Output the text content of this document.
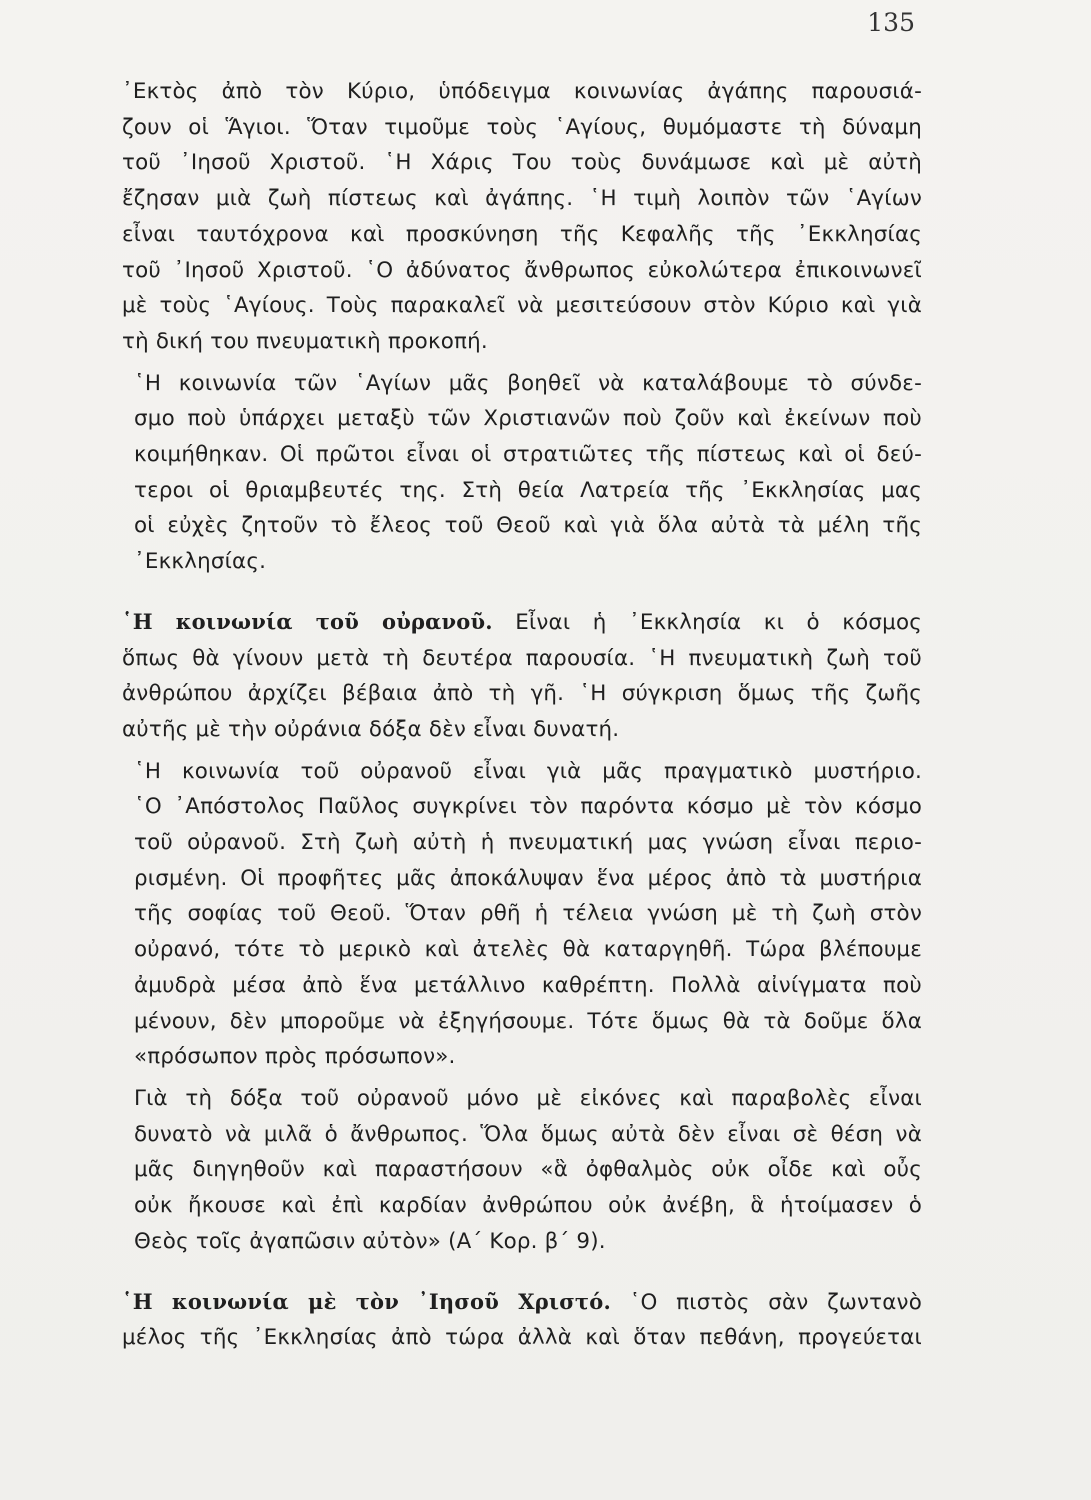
135
᾿Εκτὸς ἀπὸ τὸν Κύριο, ὑπόδειγμα κοινωνίας ἀγάπης παρουσιά-
ζουν οἱ Ἅγιοι. Ὅταν τιμοῦμε τοὺς ῾Αγίους, θυμόμαστε τὴ δύναμη
τοῦ ᾿Ιησοῦ Χριστοῦ. ῾Η Χάρις Του τοὺς δυνάμωσε καὶ μὲ αὐτὴ
ἔζησαν μιὰ ζωὴ πίστεως καὶ ἀγάπης. ῾Η τιμὴ λοιπὸν τῶν ῾Αγίων
εἶναι ταυτόχρονα καὶ προσκύνηση τῆς Κεφαλῆς τῆς ᾿Εκκλησίας
τοῦ ᾿Ιησοῦ Χριστοῦ. ῾Ο ἀδύνατος ἄνθρωπος εὐκολώτερα ἐπικοινωνεῖ
μὲ τοὺς ῾Αγίους. Τοὺς παρακαλεῖ νὰ μεσιτεύσουν στὸν Κύριο καὶ γιὰ
τὴ δική του πνευματικὴ προκοπή.
῾Η κοινωνία τῶν ῾Αγίων μᾶς βοηθεῖ νὰ καταλάβουμε τὸ σύνδε-
σμο ποὺ ὑπάρχει μεταξὺ τῶν Χριστιανῶν ποὺ ζοῦν καὶ ἐκείνων ποὺ
κοιμήθηκαν. Οἱ πρῶτοι εἶναι οἱ στρατιῶτες τῆς πίστεως καὶ οἱ δεύ-
τεροι οἱ θριαμβευτές της. Στὴ θεία Λατρεία τῆς ᾿Εκκλησίας μας
οἱ εὐχὲς ζητοῦν τὸ ἔλεος τοῦ Θεοῦ καὶ γιὰ ὅλα αὐτὰ τὰ μέλη τῆς
᾿Εκκλησίας.
῾Η κοινωνία τοῦ οὐρανοῦ. Εἶναι ἡ ᾿Εκκλησία κι ὁ κόσμος
ὅπως θὰ γίνουν μετὰ τὴ δευτέρα παρουσία. ῾Η πνευματικὴ ζωὴ τοῦ
ἀνθρώπου ἀρχίζει βέβαια ἀπὸ τὴ γῆ. ῾Η σύγκριση ὅμως τῆς ζωῆς
αὐτῆς μὲ τὴν οὐράνια δόξα δὲν εἶναι δυνατή.
῾Η κοινωνία τοῦ οὐρανοῦ εἶναι γιὰ μᾶς πραγματικὸ μυστήριο.
῾Ο ᾿Απόστολος Παῦλος συγκρίνει τὸν παρόντα κόσμο μὲ τὸν κόσμο
τοῦ οὐρανοῦ. Στὴ ζωὴ αὐτὴ ἡ πνευματική μας γνώση εἶναι περιο-
ρισμένη. Οἱ προφῆτες μᾶς ἀποκάλυψαν ἕνα μέρος ἀπὸ τὰ μυστήρια
τῆς σοφίας τοῦ Θεοῦ. Ὅταν ρθῆ ἡ τέλεια γνώση μὲ τὴ ζωὴ στὸν
οὐρανό, τότε τὸ μερικὸ καὶ ἀτελὲς θὰ καταργηθῆ. Τώρα βλέπουμε
ἀμυδρὰ μέσα ἀπὸ ἕνα μετάλλινο καθρέπτη. Πολλὰ αἰνίγματα ποὺ
μένουν, δὲν μποροῦμε νὰ ἐξηγήσουμε. Τότε ὅμως θὰ τὰ δοῦμε ὅλα
«πρόσωπον πρὸς πρόσωπον».
Γιὰ τὴ δόξα τοῦ οὐρανοῦ μόνο μὲ εἰκόνες καὶ παραβολὲς εἶναι
δυνατὸ νὰ μιλᾶ ὁ ἄνθρωπος. Ὅλα ὅμως αὐτὰ δὲν εἶναι σὲ θέση νὰ
μᾶς διηγηθοῦν καὶ παραστήσουν «ἃ ὀφθαλμὸς οὐκ οἶδε καὶ οὖς
οὐκ ἤκουσε καὶ ἐπὶ καρδίαν ἀνθρώπου οὐκ ἀνέβη, ἃ ἡτοίμασεν ὁ
Θεὸς τοῖς ἀγαπῶσιν αὐτὸν» (Α΄ Κορ. β΄ 9).
῾Η κοινωνία μὲ τὸν ᾿Ιησοῦ Χριστό. ῾Ο πιστὸς σὰν ζωντανὸ
μέλος τῆς ᾿Εκκλησίας ἀπὸ τώρα ἀλλὰ καὶ ὅταν πεθάνη, προγεύεται
